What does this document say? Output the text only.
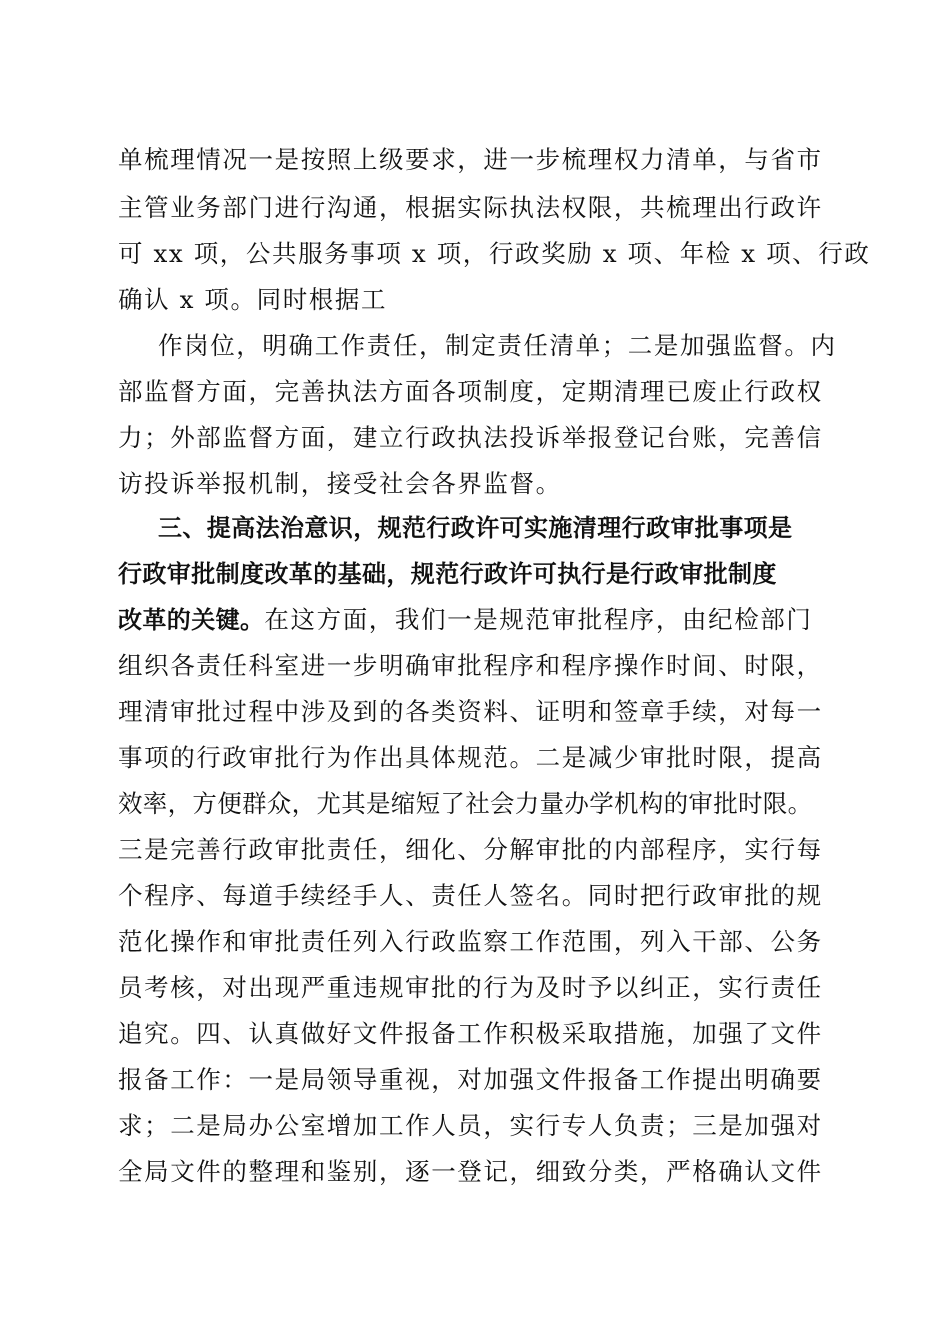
单梳理情况一是按照上级要求，进一步梳理权力清单，与省市
主管业务部门进行沟通，根据实际执法权限，共梳理出行政许
可 xx 项，公共服务事项 x 项，行政奖励 x 项、年检 x 项、行政
确认 x 项。同时根据工
作岗位，明确工作责任，制定责任清单；二是加强监督。内
部监督方面，完善执法方面各项制度，定期清理已废止行政权
力；外部监督方面，建立行政执法投诉举报登记台账，完善信
访投诉举报机制，接受社会各界监督。
三、提高法治意识，规范行政许可实施清理行政审批事项是
行政审批制度改革的基础，规范行政许可执行是行政审批制度
改革的关键。在这方面，我们一是规范审批程序，由纪检部门
组织各责任科室进一步明确审批程序和程序操作时间、时限，
理清审批过程中涉及到的各类资料、证明和签章手续，对每一
事项的行政审批行为作出具体规范。二是减少审批时限，提高
效率，方便群众，尤其是缩短了社会力量办学机构的审批时限。
三是完善行政审批责任，细化、分解审批的内部程序，实行每
个程序、每道手续经手人、责任人签名。同时把行政审批的规
范化操作和审批责任列入行政监察工作范围，列入干部、公务
员考核，对出现严重违规审批的行为及时予以纠正，实行责任
追究。四、认真做好文件报备工作积极采取措施，加强了文件
报备工作：一是局领导重视，对加强文件报备工作提出明确要
求；二是局办公室增加工作人员，实行专人负责；三是加强对
全局文件的整理和鉴别，逐一登记，细致分类，严格确认文件
